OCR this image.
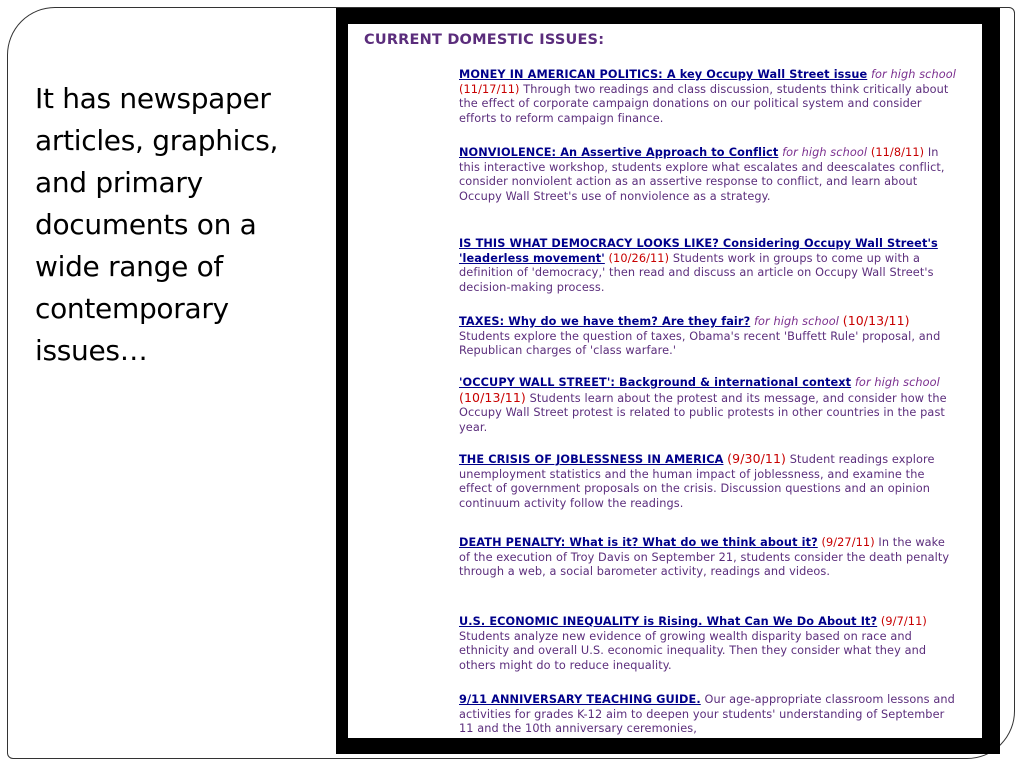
It has newspaper articles, graphics, and primary documents on a wide range of contemporary issues…
CURRENT DOMESTIC ISSUES:
MONEY IN AMERICAN POLITICS: A key Occupy Wall Street issue for high school (11/17/11) Through two readings and class discussion, students think critically about the effect of corporate campaign donations on our political system and consider efforts to reform campaign finance.
NONVIOLENCE: An Assertive Approach to Conflict for high school (11/8/11) In this interactive workshop, students explore what escalates and deescalates conflict, consider nonviolent action as an assertive response to conflict, and learn about Occupy Wall Street's use of nonviolence as a strategy.
IS THIS WHAT DEMOCRACY LOOKS LIKE? Considering Occupy Wall Street's 'leaderless movement' (10/26/11) Students work in groups to come up with a definition of 'democracy,' then read and discuss an article on Occupy Wall Street's decision-making process.
TAXES: Why do we have them? Are they fair? for high school (10/13/11) Students explore the question of taxes, Obama's recent 'Buffett Rule' proposal, and Republican charges of 'class warfare.'
'OCCUPY WALL STREET': Background & international context for high school (10/13/11) Students learn about the protest and its message, and consider how the Occupy Wall Street protest is related to public protests in other countries in the past year.
THE CRISIS OF JOBLESSNESS IN AMERICA (9/30/11) Student readings explore unemployment statistics and the human impact of joblessness, and examine the effect of government proposals on the crisis. Discussion questions and an opinion continuum activity follow the readings.
DEATH PENALTY: What is it? What do we think about it? (9/27/11) In the wake of the execution of Troy Davis on September 21, students consider the death penalty through a web, a social barometer activity, readings and videos.
U.S. ECONOMIC INEQUALITY is Rising. What Can We Do About It? (9/7/11) Students analyze new evidence of growing wealth disparity based on race and ethnicity and overall U.S. economic inequality. Then they consider what they and others might do to reduce inequality.
9/11 ANNIVERSARY TEACHING GUIDE. Our age-appropriate classroom lessons and activities for grades K-12 aim to deepen your students' understanding of September 11 and the 10th anniversary ceremonies,
